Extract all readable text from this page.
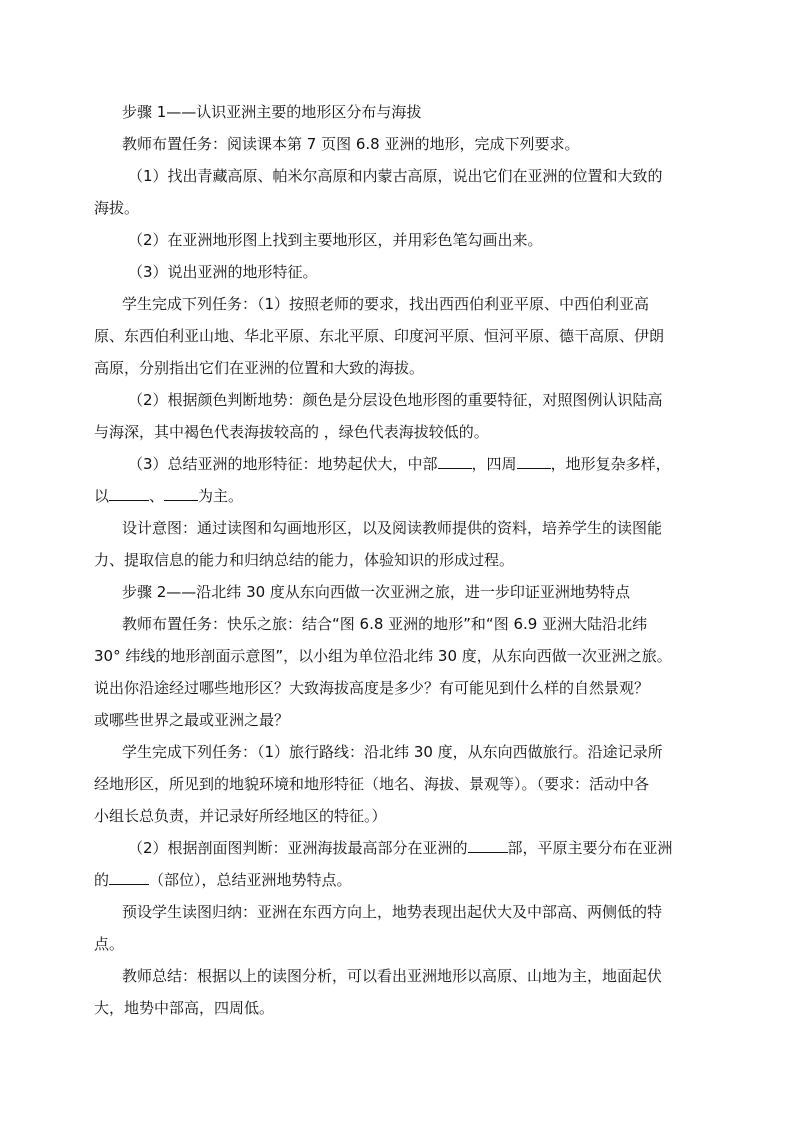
步骤 1——认识亚洲主要的地形区分布与海拔
教师布置任务：阅读课本第 7 页图 6.8 亚洲的地形，完成下列要求。
（1）找出青藏高原、帕米尔高原和内蒙古高原，说出它们在亚洲的位置和大致的
海拔。
（2）在亚洲地形图上找到主要地形区，并用彩色笔勾画出来。
（3）说出亚洲的地形特征。
学生完成下列任务：（1）按照老师的要求，找出西西伯利亚平原、中西伯利亚高
原、东西伯利亚山地、华北平原、东北平原、印度河平原、恒河平原、德干高原、伊朗
高原，分别指出它们在亚洲的位置和大致的海拔。
（2）根据颜色判断地势：颜色是分层设色地形图的重要特征，对照图例认识陆高
与海深，其中褐色代表海拔较高的 ，绿色代表海拔较低的。
（3）总结亚洲的地形特征：地势起伏大，中部 ，四周 ，地形复杂多样，
以	、 为主。
设计意图：通过读图和勾画地形区，以及阅读教师提供的资料，培养学生的读图能
力、提取信息的能力和归纳总结的能力，体验知识的形成过程。
步骤 2——沿北纬 30 度从东向西做一次亚洲之旅，进一步印证亚洲地势特点
教师布置任务：快乐之旅：结合“图 6.8 亚洲的地形”和“图 6.9 亚洲大陆沿北纬
30° 纬线的地形剖面示意图”，以小组为单位沿北纬 30 度，从东向西做一次亚洲之旅。
说出你沿途经过哪些地形区？大致海拔高度是多少？有可能见到什么样的自然景观？
或哪些世界之最或亚洲之最？
学生完成下列任务：（1）旅行路线：沿北纬 30 度，从东向西做旅行。沿途记录所
经地形区，所见到的地貌环境和地形特征（地名、海拔、景观等）。（要求：活动中各
小组长总负责，并记录好所经地区的特征。）
（2）根据剖面图判断：亚洲海拔最高部分在亚洲的	部，平原主要分布在亚洲
的	（部位），总结亚洲地势特点。
预设学生读图归纳：亚洲在东西方向上，地势表现出起伏大及中部高、两侧低的特
点。
教师总结：根据以上的读图分析，可以看出亚洲地形以高原、山地为主，地面起伏
大，地势中部高，四周低。
